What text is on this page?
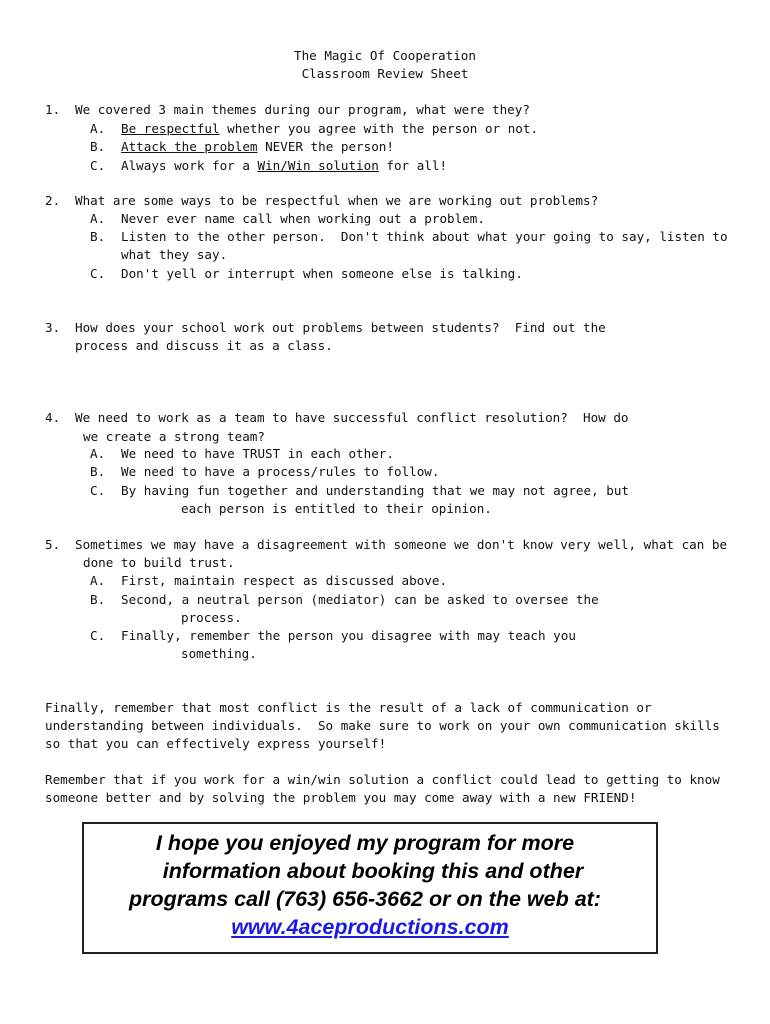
The Magic Of Cooperation
Classroom Review Sheet
1. We covered 3 main themes during our program, what were they?
A. Be respectful whether you agree with the person or not.
B. Attack the problem NEVER the person!
C. Always work for a Win/Win solution for all!
2. What are some ways to be respectful when we are working out problems?
A. Never ever name call when working out a problem.
B. Listen to the other person.  Don't think about what your going to say, listen to
what they say.
C. Don't yell or interrupt when someone else is talking.
3. How does your school work out problems between students?  Find out the
process and discuss it as a class.
4. We need to work as a team to have successful conflict resolution?  How do
we create a strong team?
A. We need to have TRUST in each other.
B. We need to have a process/rules to follow.
C. By having fun together and understanding that we may not agree, but
each person is entitled to their opinion.
5. Sometimes we may have a disagreement with someone we don't know very well, what can be
done to build trust.
A. First, maintain respect as discussed above.
B. Second, a neutral person (mediator) can be asked to oversee the
process.
C. Finally, remember the person you disagree with may teach you
something.
Finally, remember that most conflict is the result of a lack of communication or
understanding between individuals.  So make sure to work on your own communication skills
so that you can effectively express yourself!
Remember that if you work for a win/win solution a conflict could lead to getting to know
someone better and by solving the problem you may come away with a new FRIEND!
I hope you enjoyed my program for more
information about booking this and other
programs call (763) 656-3662 or on the web at:
www.4aceproductions.com
